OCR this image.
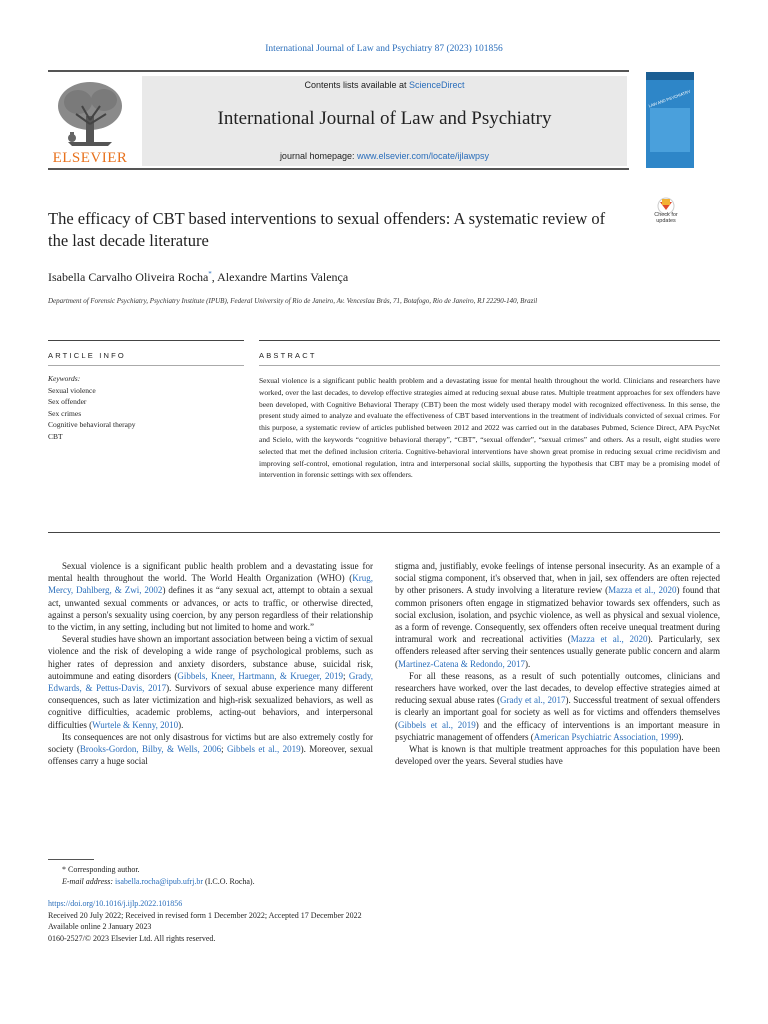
International Journal of Law and Psychiatry 87 (2023) 101856
ELSEVIER
Contents lists available at ScienceDirect
International Journal of Law and Psychiatry
journal homepage: www.elsevier.com/locate/ijlawpsy
LAW AND PSYCHIATRY
The efficacy of CBT based interventions to sexual offenders: A systematic review of the last decade literature
Check for
updates
Isabella Carvalho Oliveira Rocha*, Alexandre Martins Valença
Department of Forensic Psychiatry, Psychiatry Institute (IPUB), Federal University of Rio de Janeiro, Av. Venceslau Brás, 71, Botafogo, Rio de Janeiro, RJ 22290-140, Brazil
ARTICLE INFO	ABSTRACT
Keywords:
Sexual violence
Sex offender
Sex crimes
Cognitive behavioral therapy
CBT
Sexual violence is a significant public health problem and a devastating issue for mental health throughout the world. Clinicians and researchers have worked, over the last decades, to develop effective strategies aimed at reducing sexual abuse rates. Multiple treatment approaches for sex offenders have been developed, with Cognitive Behavioral Therapy (CBT) been the most widely used therapy model with recognized effectiveness. In this sense, the present study aimed to analyze and evaluate the effectiveness of CBT based interventions in the treatment of individuals convicted of sexual crimes. For this purpose, a systematic review of articles published between 2012 and 2022 was carried out in the databases Pubmed, Science Direct, APA PsycNet and Scielo, with the keywords “cognitive behavioral therapy”, “CBT”, “sexual offender”, “sexual crimes” and others. As a result, eight studies were selected that met the defined inclusion criteria. Cognitive-behavioral interventions have shown great promise in reducing sexual crime recidivism and improving self-control, emotional regulation, intra and interpersonal social skills, supporting the hypothesis that CBT may be a promising model of intervention in forensic settings with sex offenders.

Sexual violence is a significant public health problem and a devastating issue for mental health throughout the world. The World Health Organization (WHO) (Krug, Mercy, Dahlberg, & Zwi, 2002) defines it as “any sexual act, attempt to obtain a sexual act, unwanted sexual comments or advances, or acts to traffic, or otherwise directed, against a person's sexuality using coercion, by any person regardless of their relationship to the victim, in any setting, including but not limited to home and work.”

Several studies have shown an important association between being a victim of sexual violence and the risk of developing a wide range of psychological problems, such as higher rates of depression and anxiety disorders, substance abuse, suicidal risk, autoimmune and eating disorders (Gibbels, Kneer, Hartmann, & Krueger, 2019; Grady, Edwards, & Pettus-Davis, 2017). Survivors of sexual abuse experience many different consequences, such as later victimization and high-risk sexualized behaviors, as well as cognitive difficulties, academic problems, acting-out behaviors, and interpersonal difficulties (Wurtele & Kenny, 2010).

Its consequences are not only disastrous for victims but are also extremely costly for society (Brooks-Gordon, Bilby, & Wells, 2006; Gibbels et al., 2019). Moreover, sexual offenses carry a huge social

stigma and, justifiably, evoke feelings of intense personal insecurity. As an example of a social stigma component, it's observed that, when in jail, sex offenders are often rejected by other prisoners. A study involving a literature review (Mazza et al., 2020) found that common prisoners often engage in stigmatized behavior towards sex offenders, such as social exclusion, isolation, and psychic violence, as well as physical and sexual violence, as a form of revenge. Consequently, sex offenders often receive unequal treatment during intramural work and recreational activities (Mazza et al., 2020). Particularly, sex offenders released after serving their sentences usually generate public concern and alarm (Martinez-Catena & Redondo, 2017).

For all these reasons, as a result of such potentially outcomes, clinicians and researchers have worked, over the last decades, to develop effective strategies aimed at reducing sexual abuse rates (Grady et al., 2017). Successful treatment of sexual offenders is clearly an important goal for society as well as for victims and offenders themselves (Gibbels et al., 2019) and the efficacy of interventions is an important measure in psychiatric management of offenders (American Psychiatric Association, 1999).

What is known is that multiple treatment approaches for this population have been developed over the years. Several studies have

* Corresponding author.
E-mail address: isabella.rocha@ipub.ufrj.br (I.C.O. Rocha).
https://doi.org/10.1016/j.ijlp.2022.101856
Received 20 July 2022; Received in revised form 1 December 2022; Accepted 17 December 2022
Available online 2 January 2023
0160-2527/© 2023 Elsevier Ltd. All rights reserved.
